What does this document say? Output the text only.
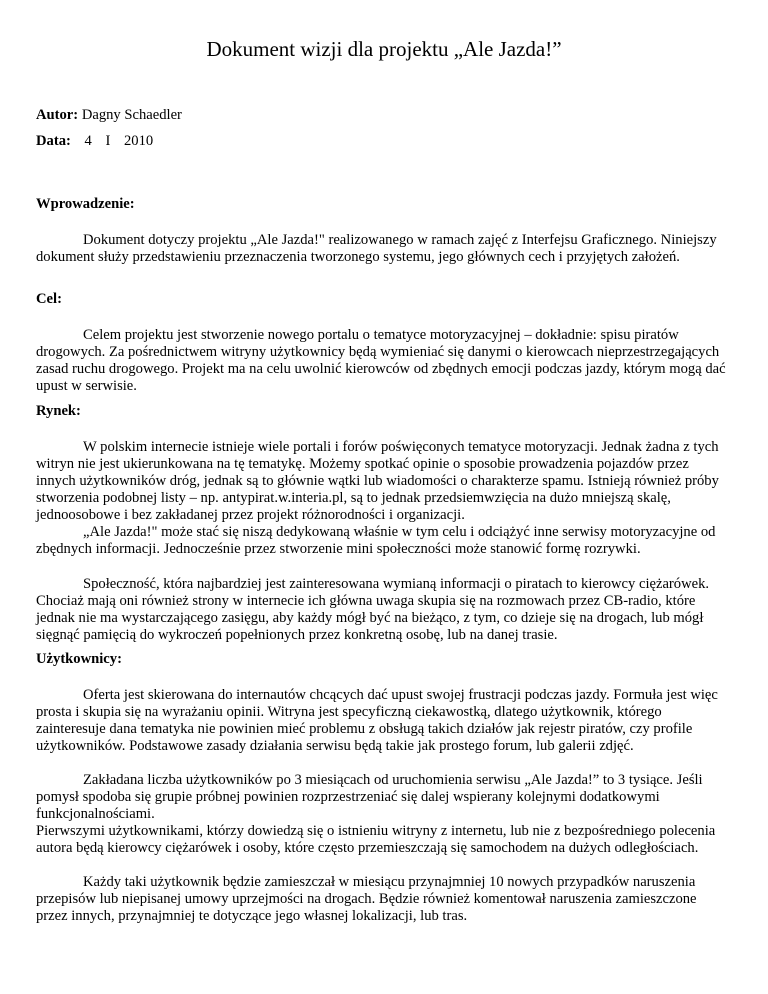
Dokument wizji dla projektu „Ale Jazda!”
Autor: Dagny Schaedler
Data: 4 I 2010
Wprowadzenie:

Dokument dotyczy projektu „Ale Jazda!" realizowanego w ramach zajęć z Interfejsu Graficznego. Niniejszy dokument służy przedstawieniu przeznaczenia tworzonego systemu, jego głównych cech i przyjętych założeń.

Cel:

Celem projektu jest stworzenie nowego portalu o tematyce motoryzacyjnej – dokładnie: spisu piratów drogowych. Za pośrednictwem witryny użytkownicy będą wymieniać się danymi o kierowcach nieprzestrzegających zasad ruchu drogowego. Projekt ma na celu uwolnić kierowców od zbędnych emocji podczas jazdy, którym mogą dać upust w serwisie.

Rynek:

W polskim internecie istnieje wiele portali i forów poświęconych tematyce motoryzacji. Jednak żadna z tych witryn nie jest ukierunkowana na tę tematykę. Możemy spotkać opinie o sposobie prowadzenia pojazdów przez innych użytkowników dróg, jednak są to głównie wątki lub wiadomości o charakterze spamu. Istnieją również próby stworzenia podobnej listy – np. antypirat.w.interia.pl, są to jednak przedsiemwzięcia na dużo mniejszą skalę, jednoosobowe i bez zakładanej przez projekt różnorodności i organizacji.

„Ale Jazda!" może stać się niszą dedykowaną właśnie w tym celu i odciążyć inne serwisy motoryzacyjne od zbędnych informacji. Jednocześnie przez stworzenie mini społeczności może stanowić formę rozrywki.

Społeczność, która najbardziej jest zainteresowana wymianą informacji o piratach to kierowcy ciężarówek. Chociaż mają oni również strony w internecie ich główna uwaga skupia się na rozmowach przez CB-radio, które jednak nie ma wystarczającego zasięgu, aby każdy mógł być na bieżąco, z tym, co dzieje się na drogach, lub mógł sięgnąć pamięcią do wykroczeń popełnionych przez konkretną osobę, lub na danej trasie.

Użytkownicy:

Oferta jest skierowana do internautów chcących dać upust swojej frustracji podczas jazdy. Formuła jest więc prosta i skupia się na wyrażaniu opinii. Witryna jest specyficzną ciekawostką, dlatego użytkownik, którego zainteresuje dana tematyka nie powinien mieć problemu z obsługą takich działów jak rejestr piratów, czy profile użytkowników. Podstawowe zasady działania serwisu będą takie jak prostego forum, lub galerii zdjęć.

Zakładana liczba użytkowników po 3 miesiącach od uruchomienia serwisu „Ale Jazda!” to 3 tysiące. Jeśli pomysł spodoba się grupie próbnej powinien rozprzestrzeniać się dalej wspierany kolejnymi dodatkowymi funkcjonalnościami.

Pierwszymi użytkownikami, którzy dowiedzą się o istnieniu witryny z internetu, lub nie z bezpośredniego polecenia autora będą kierowcy ciężarówek i osoby, które często przemieszczają się samochodem na dużych odległościach.

Każdy taki użytkownik będzie zamieszczał w miesiącu przynajmniej 10 nowych przypadków naruszenia przepisów lub niepisanej umowy uprzejmości na drogach. Będzie również komentował naruszenia zamieszczone przez innych, przynajmniej te dotyczące jego własnej lokalizacji, lub tras.
